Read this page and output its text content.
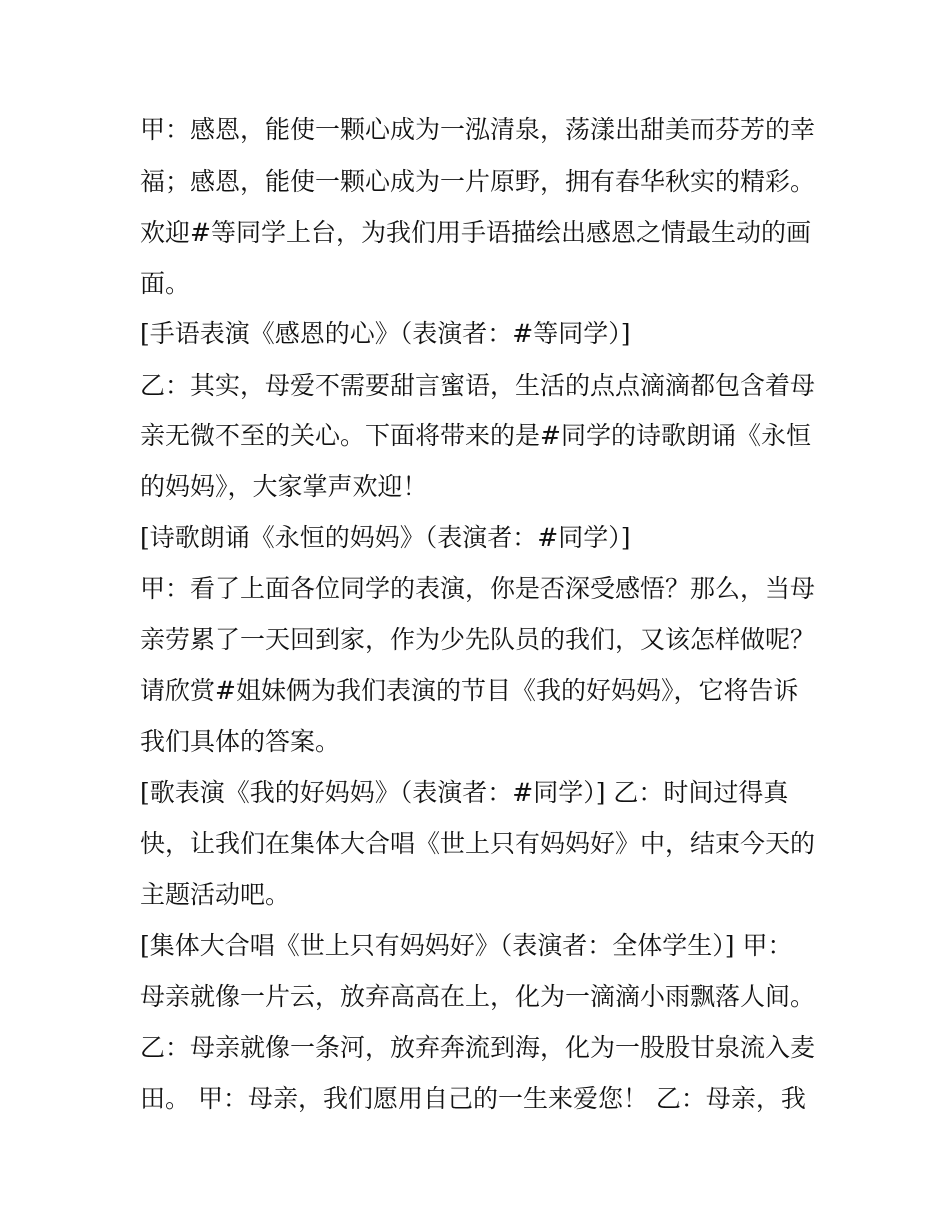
甲：感恩，能使一颗心成为一泓清泉，荡漾出甜美而芬芳的幸

福；感恩，能使一颗心成为一片原野，拥有春华秋实的精彩。

欢迎#等同学上台，为我们用手语描绘出感恩之情最生动的画

面。

[手语表演《感恩的心》（表演者：#等同学）]

乙：其实，母爱不需要甜言蜜语，生活的点点滴滴都包含着母

亲无微不至的关心。下面将带来的是#同学的诗歌朗诵《永恒

的妈妈》，大家掌声欢迎！

[诗歌朗诵《永恒的妈妈》（表演者：#同学）]

甲：看了上面各位同学的表演，你是否深受感悟？那么，当母

亲劳累了一天回到家，作为少先队员的我们，又该怎样做呢？

请欣赏#姐妹俩为我们表演的节目《我的好妈妈》，它将告诉

我们具体的答案。

[歌表演《我的好妈妈》（表演者：#同学）] 乙：时间过得真

快，让我们在集体大合唱《世上只有妈妈好》中，结束今天的

主题活动吧。

[集体大合唱《世上只有妈妈好》（表演者：全体学生）] 甲：

母亲就像一片云，放弃高高在上，化为一滴滴小雨飘落人间。

乙：母亲就像一条河，放弃奔流到海，化为一股股甘泉流入麦

田。 甲：母亲，我们愿用自己的一生来爱您！ 乙：母亲，我
